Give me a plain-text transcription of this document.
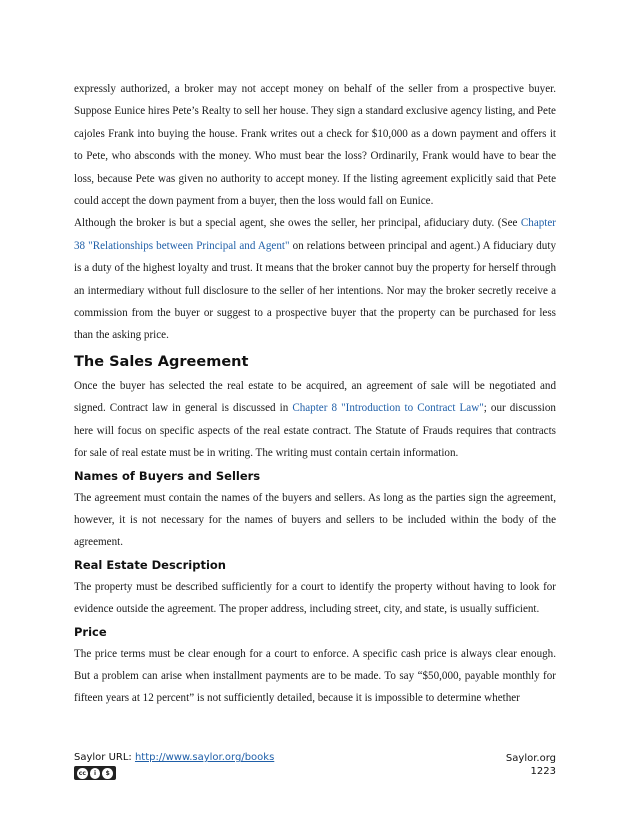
expressly authorized, a broker may not accept money on behalf of the seller from a prospective buyer. Suppose Eunice hires Pete’s Realty to sell her house. They sign a standard exclusive agency listing, and Pete cajoles Frank into buying the house. Frank writes out a check for $10,000 as a down payment and offers it to Pete, who absconds with the money. Who must bear the loss? Ordinarily, Frank would have to bear the loss, because Pete was given no authority to accept money. If the listing agreement explicitly said that Pete could accept the down payment from a buyer, then the loss would fall on Eunice.

Although the broker is but a special agent, she owes the seller, her principal, afiduciary duty. (See Chapter 38 "Relationships between Principal and Agent" on relations between principal and agent.) A fiduciary duty is a duty of the highest loyalty and trust. It means that the broker cannot buy the property for herself through an intermediary without full disclosure to the seller of her intentions. Nor may the broker secretly receive a commission from the buyer or suggest to a prospective buyer that the property can be purchased for less than the asking price.

The Sales Agreement

Once the buyer has selected the real estate to be acquired, an agreement of sale will be negotiated and signed. Contract law in general is discussed in Chapter 8 "Introduction to Contract Law"; our discussion here will focus on specific aspects of the real estate contract. The Statute of Frauds requires that contracts for sale of real estate must be in writing. The writing must contain certain information.

Names of Buyers and Sellers

The agreement must contain the names of the buyers and sellers. As long as the parties sign the agreement, however, it is not necessary for the names of buyers and sellers to be included within the body of the agreement.

Real Estate Description

The property must be described sufficiently for a court to identify the property without having to look for evidence outside the agreement. The proper address, including street, city, and state, is usually sufficient.

Price

The price terms must be clear enough for a court to enforce. A specific cash price is always clear enough. But a problem can arise when installment payments are to be made. To say “$50,000, payable monthly for fifteen years at 12 percent” is not sufficiently detailed, because it is impossible to determine whether

Saylor URL: http://www.saylor.org/books
cc	i	$
Saylor.org
1223
